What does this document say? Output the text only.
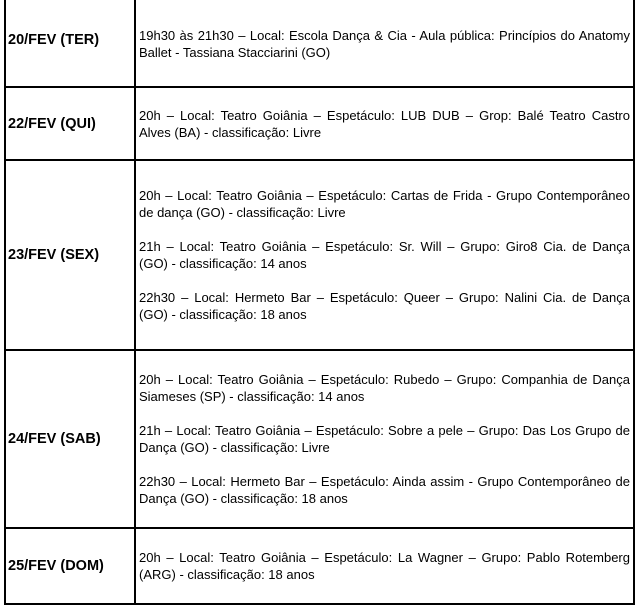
20/FEV (TER)	19h30 às 21h30 – Local: Escola Dança & Cia - Aula pública: Princípios do Anatomy Ballet - Tassiana Stacciarini (GO)

22/FEV (QUI)	20h – Local: Teatro Goiânia – Espetáculo: LUB DUB – Grop: Balé Teatro Castro Alves (BA) - classificação: Livre

23/FEV (SEX)	20h – Local: Teatro Goiânia – Espetáculo: Cartas de Frida - Grupo Contemporâneo de dança (GO) - classificação: Livre

21h – Local: Teatro Goiânia – Espetáculo: Sr. Will – Grupo: Giro8 Cia. de Dança (GO) - classificação: 14 anos

22h30 – Local: Hermeto Bar – Espetáculo: Queer – Grupo: Nalini Cia. de Dança (GO) - classificação: 18 anos

24/FEV (SAB)	20h – Local: Teatro Goiânia – Espetáculo: Rubedo – Grupo: Companhia de Dança Siameses (SP) - classificação: 14 anos

21h – Local: Teatro Goiânia – Espetáculo: Sobre a pele – Grupo: Das Los Grupo de Dança (GO) - classificação: Livre

22h30 – Local: Hermeto Bar – Espetáculo: Ainda assim - Grupo Contemporâneo de Dança (GO) - classificação: 18 anos

25/FEV (DOM)	20h – Local: Teatro Goiânia – Espetáculo: La Wagner – Grupo: Pablo Rotemberg (ARG) - classificação: 18 anos
